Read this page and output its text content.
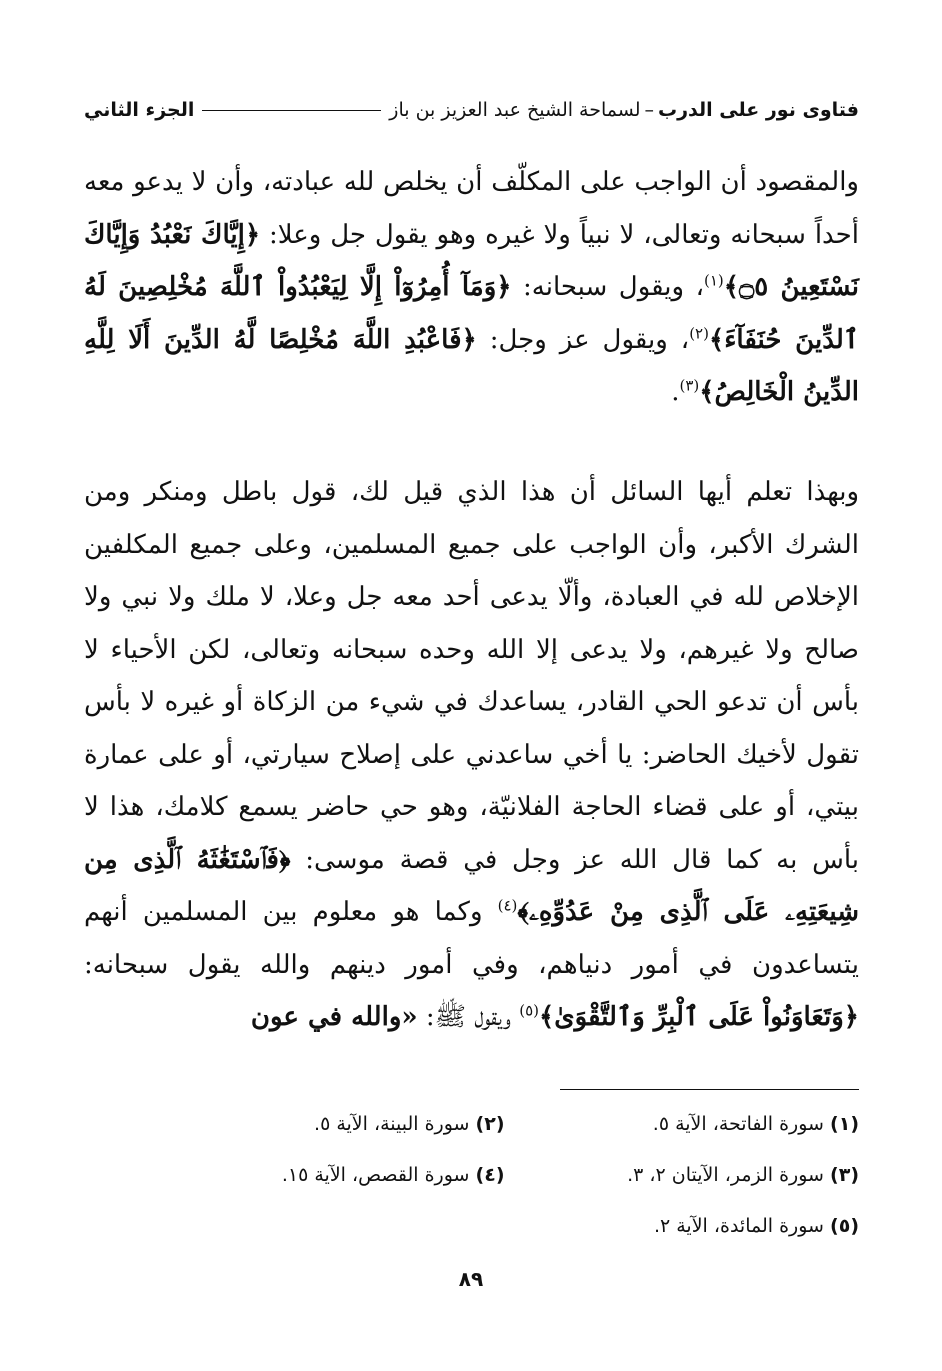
فتاوى نور على الدرب
–
لسماحة الشيخ عبد العزيز بن باز
الجزء الثاني

والمقصود أن الواجب على المكلّف أن يخلص لله عبادته، وأن لا يدعو معه أحداً سبحانه وتعالى، لا نبياً ولا غيره وهو يقول جل وعلا: ﴿إِيَّاكَ نَعْبُدُ وَإِيَّاكَ نَسْتَعِينُ ۝٥﴾$^{(١)}$، ويقول سبحانه: ﴿وَمَآ أُمِرُوٓاْ إِلَّا لِيَعْبُدُواْ ٱللَّهَ مُخْلِصِينَ لَهُ ٱلدِّينَ حُنَفَآءَ﴾$^{(٢)}$، ويقول عز وجل: ﴿فَاعْبُدِ اللَّهَ مُخْلِصًا لَّهُ الدِّينَ أَلَا لِلَّهِ الدِّينُ الْخَالِصُ﴾$^{(٣)}$.

وبهذا تعلم أيها السائل أن هذا الذي قيل لك، قول باطل ومنكر ومن الشرك الأكبر، وأن الواجب على جميع المسلمين، وعلى جميع المكلفين الإخلاص لله في العبادة، وألّا يدعى أحد معه جل وعلا، لا ملك ولا نبي ولا صالح ولا غيرهم، ولا يدعى إلا الله وحده سبحانه وتعالى، لكن الأحياء لا بأس أن تدعو الحي القادر، يساعدك في شيء من الزكاة أو غيره لا بأس تقول لأخيك الحاضر: يا أخي ساعدني على إصلاح سيارتي، أو على عمارة بيتي، أو على قضاء الحاجة الفلانيّة، وهو حي حاضر يسمع كلامك، هذا لا بأس به كما قال الله عز وجل في قصة موسى: ﴿فَٱسْتَغَٰثَهُ ٱلَّذِى مِن شِيعَتِهِۦ عَلَى ٱلَّذِى مِنْ عَدُوِّهِۦ﴾$^{(٤)}$ وكما هو معلوم بين المسلمين أنهم يتساعدون في أمور دنياهم، وفي أمور دينهم والله يقول سبحانه: ﴿وَتَعَاوَنُواْ عَلَى ٱلْبِرِّ وَٱلتَّقْوَىٰ﴾$^{(٥)}$ ويقول ﷺ: «والله في عون

(١) سورة الفاتحة، الآية ٥.
(٢) سورة البينة، الآية ٥.
(٣) سورة الزمر، الآيتان ٢، ٣.
(٤) سورة القصص، الآية ١٥.
(٥) سورة المائدة، الآية ٢.
٨٩
